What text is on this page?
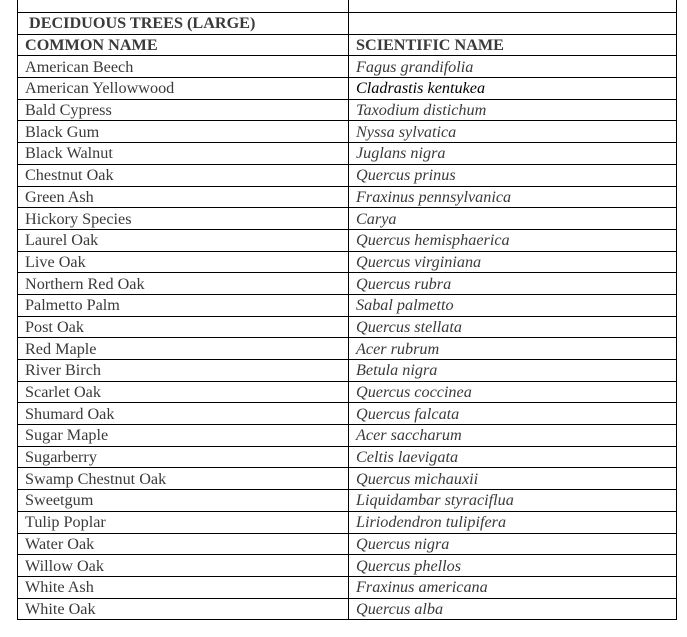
DECIDUOUS TREES (LARGE)	
COMMON NAME	SCIENTIFIC NAME
American Beech	Fagus grandifolia
American Yellowwood	Cladrastis kentukea
Bald Cypress	Taxodium distichum
Black Gum	Nyssa sylvatica
Black Walnut	Juglans nigra
Chestnut Oak	Quercus prinus
Green Ash	Fraxinus pennsylvanica
Hickory Species	Carya
Laurel Oak	Quercus hemisphaerica
Live Oak	Quercus virginiana
Northern Red Oak	Quercus rubra
Palmetto Palm	Sabal palmetto
Post Oak	Quercus stellata
Red Maple	Acer rubrum
River Birch	Betula nigra
Scarlet Oak	Quercus coccinea
Shumard Oak	Quercus falcata
Sugar Maple	Acer saccharum
Sugarberry	Celtis laevigata
Swamp Chestnut Oak	Quercus michauxii
Sweetgum	Liquidambar styraciflua
Tulip Poplar	Liriodendron tulipifera
Water Oak	Quercus nigra
Willow Oak	Quercus phellos
White Ash	Fraxinus americana
White Oak	Quercus alba
